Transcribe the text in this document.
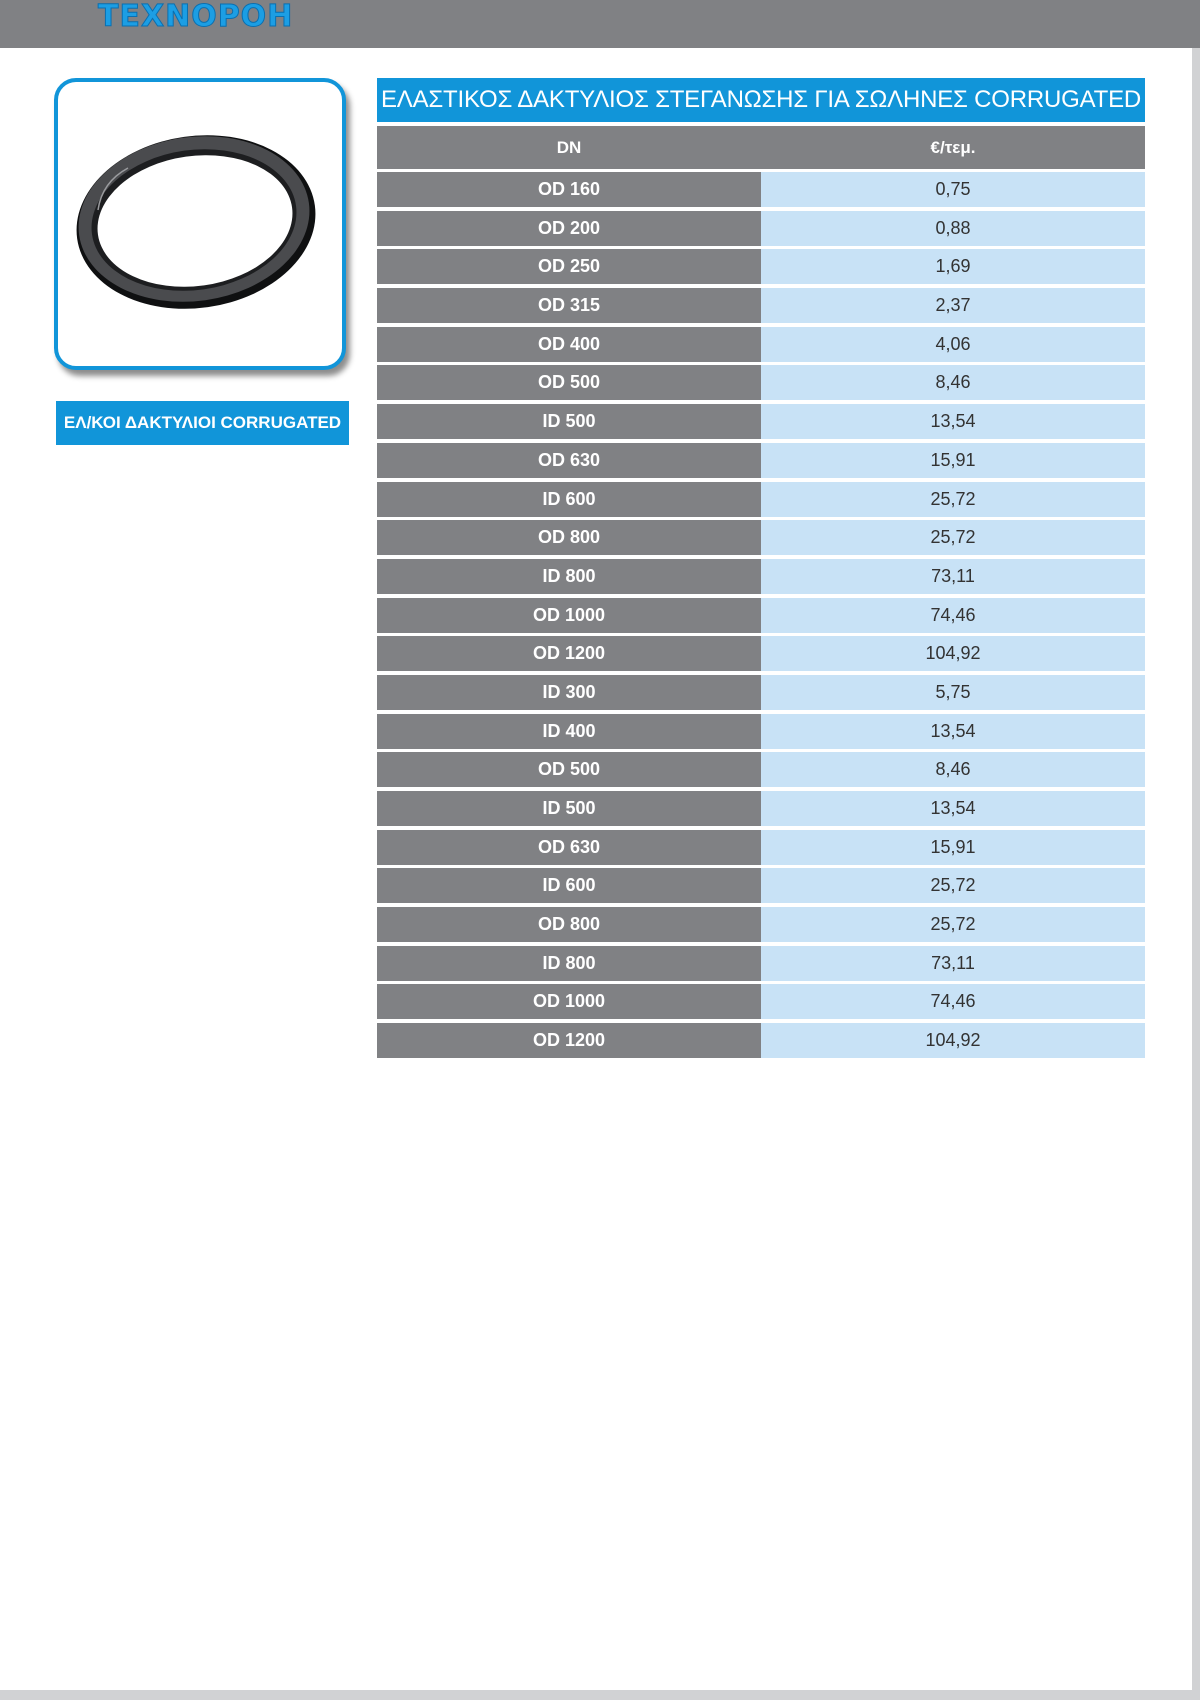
ΤΕΧΝΟΡΟΗ
ΕΛ/ΚΟΙ ΔΑΚΤΥΛΙΟΙ CORRUGATED
ΕΛΑΣΤΙΚΟΣ ΔΑΚΤΥΛΙΟΣ ΣΤΕΓΑΝΩΣΗΣ ΓΙΑ ΣΩΛΗΝΕΣ CORRUGATED
DN	€/τεμ.
OD 160	0,75
OD 200	0,88
OD 250	1,69
OD 315	2,37
OD 400	4,06
OD 500	8,46
ID 500	13,54
OD 630	15,91
ID 600	25,72
OD 800	25,72
ID 800	73,11
OD 1000	74,46
OD 1200	104,92
ID 300	5,75
ID 400	13,54
OD 500	8,46
ID 500	13,54
OD 630	15,91
ID 600	25,72
OD 800	25,72
ID 800	73,11
OD 1000	74,46
OD 1200	104,92
